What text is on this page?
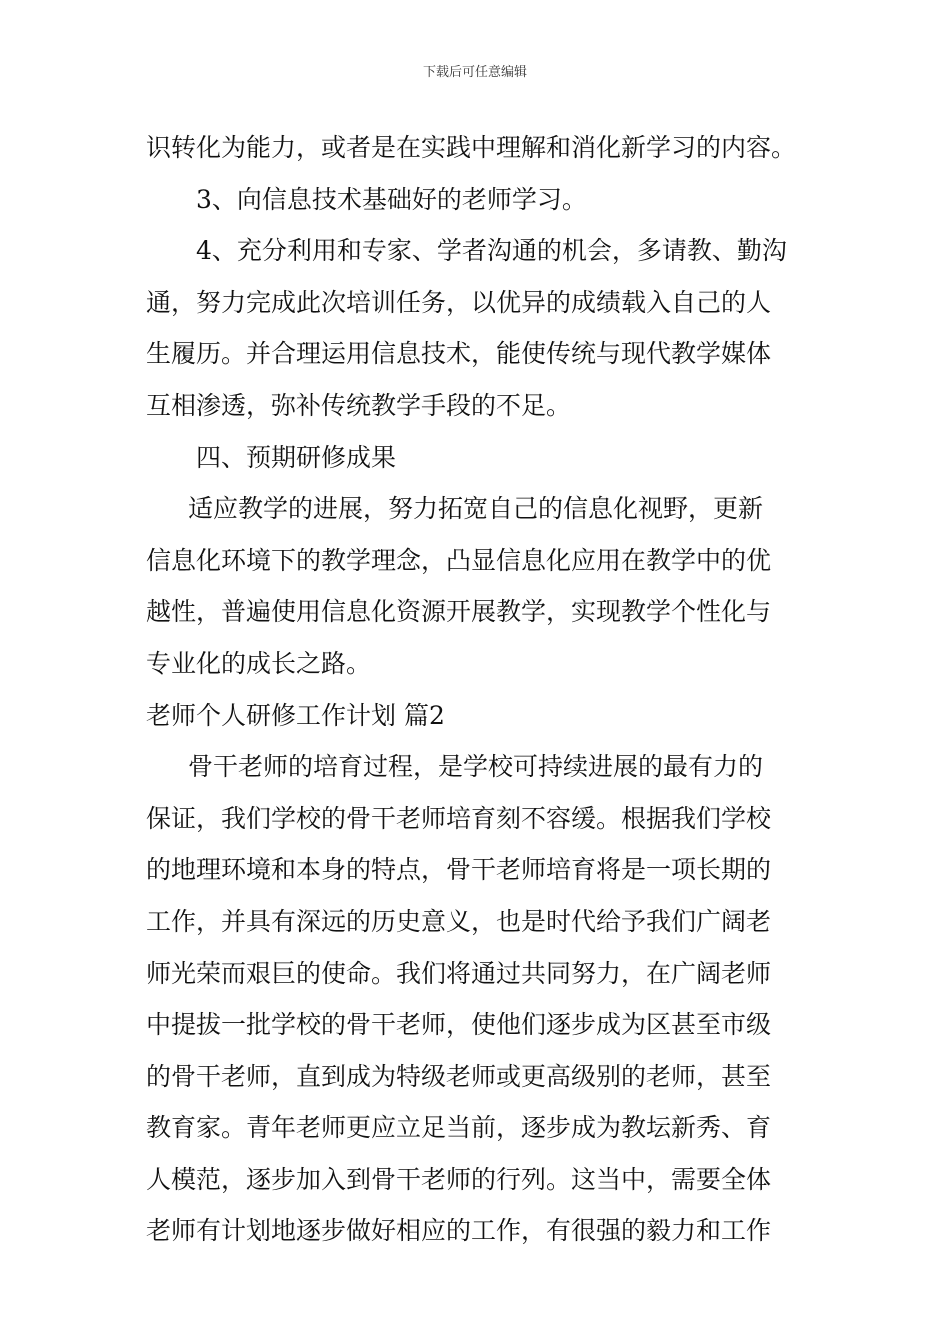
下载后可任意编辑
识转化为能力，或者是在实践中理解和消化新学习的内容。
3、向信息技术基础好的老师学习。
4、充分利用和专家、学者沟通的机会，多请教、勤沟
通，努力完成此次培训任务，以优异的成绩载入自己的人
生履历。并合理运用信息技术，能使传统与现代教学媒体
互相渗透，弥补传统教学手段的不足。
四、预期研修成果
适应教学的进展，努力拓宽自己的信息化视野，更新
信息化环境下的教学理念，凸显信息化应用在教学中的优
越性，普遍使用信息化资源开展教学，实现教学个性化与
专业化的成长之路。
老师个人研修工作计划 篇2
骨干老师的培育过程，是学校可持续进展的最有力的
保证，我们学校的骨干老师培育刻不容缓。根据我们学校
的地理环境和本身的特点，骨干老师培育将是一项长期的
工作，并具有深远的历史意义，也是时代给予我们广阔老
师光荣而艰巨的使命。我们将通过共同努力，在广阔老师
中提拔一批学校的骨干老师，使他们逐步成为区甚至市级
的骨干老师，直到成为特级老师或更高级别的老师，甚至
教育家。青年老师更应立足当前，逐步成为教坛新秀、育
人模范，逐步加入到骨干老师的行列。这当中，需要全体
老师有计划地逐步做好相应的工作，有很强的毅力和工作
